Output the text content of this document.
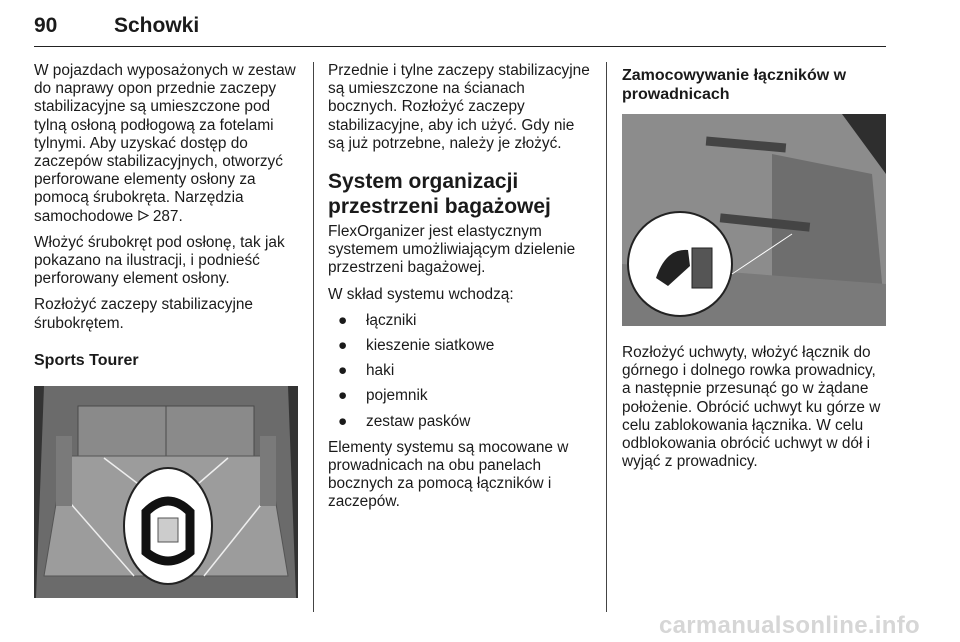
90	Schowki

W pojazdach wyposażonych w zestaw do naprawy opon przednie zaczepy stabilizacyjne są umieszczone pod tylną osłoną podłogową za fotelami tylnymi. Aby uzyskać dostęp do zaczepów stabilizacyjnych, otworzyć perforowane elementy osłony za pomocą śrubokręta. Narzędzia samochodowe 287.

Włożyć śrubokręt pod osłonę, tak jak pokazano na ilustracji, i podnieść perforowany element osłony.

Rozłożyć zaczepy stabilizacyjne śrubokrętem.

Sports Tourer

Przednie i tylne zaczepy stabilizacyjne są umieszczone na ścianach bocznych. Rozłożyć zaczepy stabilizacyjne, aby ich użyć. Gdy nie są już potrzebne, należy je złożyć.

System organizacji przestrzeni bagażowej

FlexOrganizer jest elastycznym systemem umożliwiającym dzielenie przestrzeni bagażowej.

W skład systemu wchodzą:

● łączniki
● kieszenie siatkowe
● haki
● pojemnik
● zestaw pasków

Elementy systemu są mocowane w prowadnicach na obu panelach bocznych za pomocą łączników i zaczepów.

Zamocowywanie łączników w prowadnicach

Rozłożyć uchwyty, włożyć łącznik do górnego i dolnego rowka prowadnicy, a następnie przesunąć go w żądane położenie. Obrócić uchwyt ku górze w celu zablokowania łącznika. W celu odblokowania obrócić uchwyt w dół i wyjąć z prowadnicy.

carmanualsonline.info
